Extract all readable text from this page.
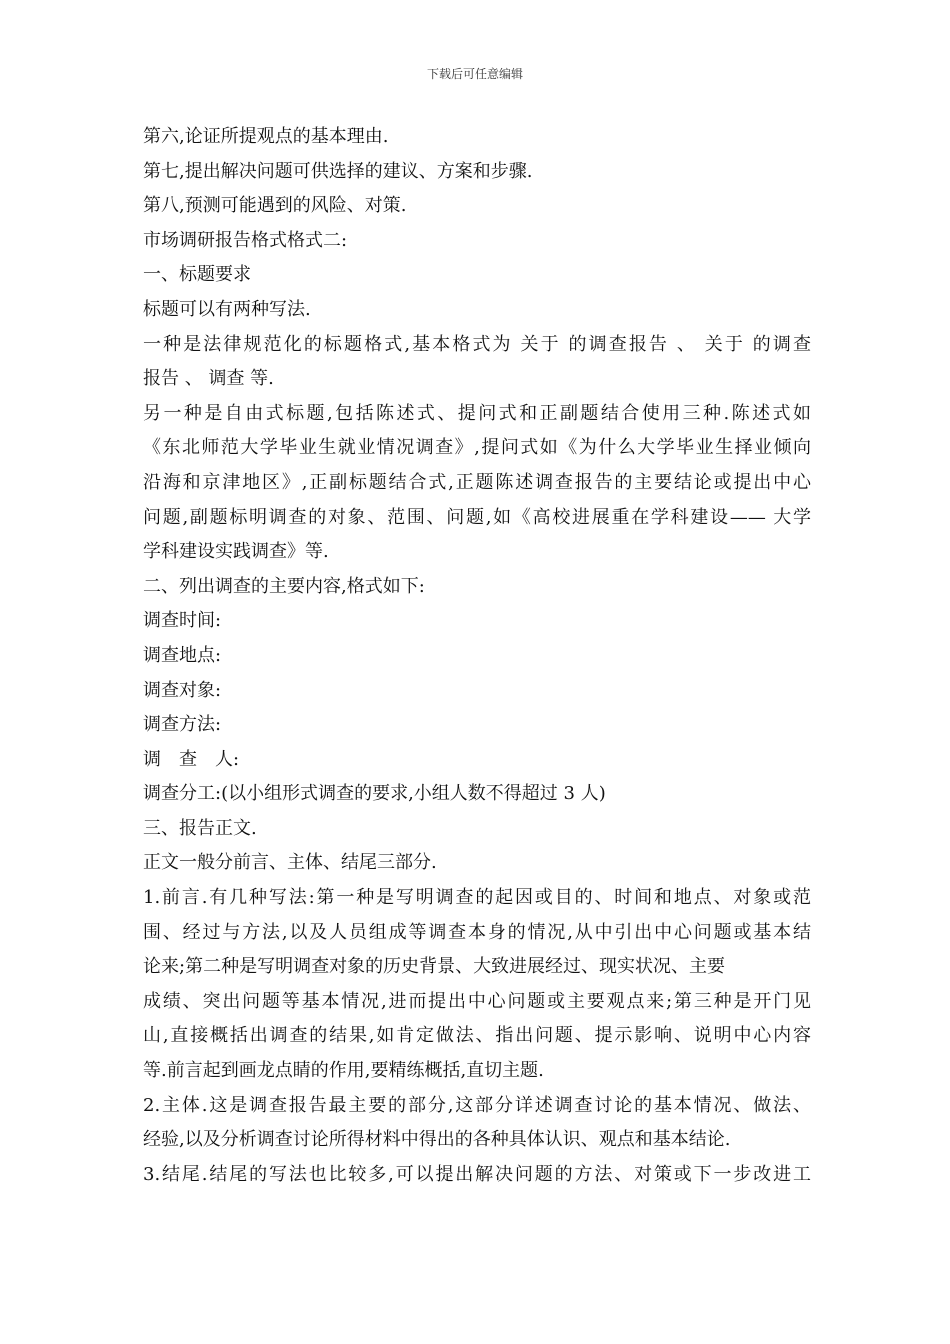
下载后可任意编辑
第六,论证所提观点的基本理由.
第七,提出解决问题可供选择的建议、方案和步骤.
第八,预测可能遇到的风险、对策.
市场调研报告格式格式二:
一、标题要求
标题可以有两种写法.
一种是法律规范化的标题格式,基本格式为 关于 的调查报告 、 关于 的调查
报告 、 调查 等.
另一种是自由式标题,包括陈述式、提问式和正副题结合使用三种.陈述式如
《东北师范大学毕业生就业情况调查》,提问式如《为什么大学毕业生择业倾向
沿海和京津地区》,正副标题结合式,正题陈述调查报告的主要结论或提出中心
问题,副题标明调查的对象、范围、问题,如《高校进展重在学科建设—— 大学
学科建设实践调查》等.
二、列出调查的主要内容,格式如下:
调查时间:
调查地点:
调查对象:
调查方法:
调　查　人:
调查分工:(以小组形式调查的要求,小组人数不得超过 3 人)
三、报告正文.
正文一般分前言、主体、结尾三部分.
1.前言.有几种写法:第一种是写明调查的起因或目的、时间和地点、对象或范
围、经过与方法,以及人员组成等调查本身的情况,从中引出中心问题或基本结
论来;第二种是写明调查对象的历史背景、大致进展经过、现实状况、主要
成绩、突出问题等基本情况,进而提出中心问题或主要观点来;第三种是开门见
山,直接概括出调查的结果,如肯定做法、指出问题、提示影响、说明中心内容
等.前言起到画龙点睛的作用,要精练概括,直切主题.
2.主体.这是调查报告最主要的部分,这部分详述调查讨论的基本情况、做法、
经验,以及分析调查讨论所得材料中得出的各种具体认识、观点和基本结论.
3.结尾.结尾的写法也比较多,可以提出解决问题的方法、对策或下一步改进工
